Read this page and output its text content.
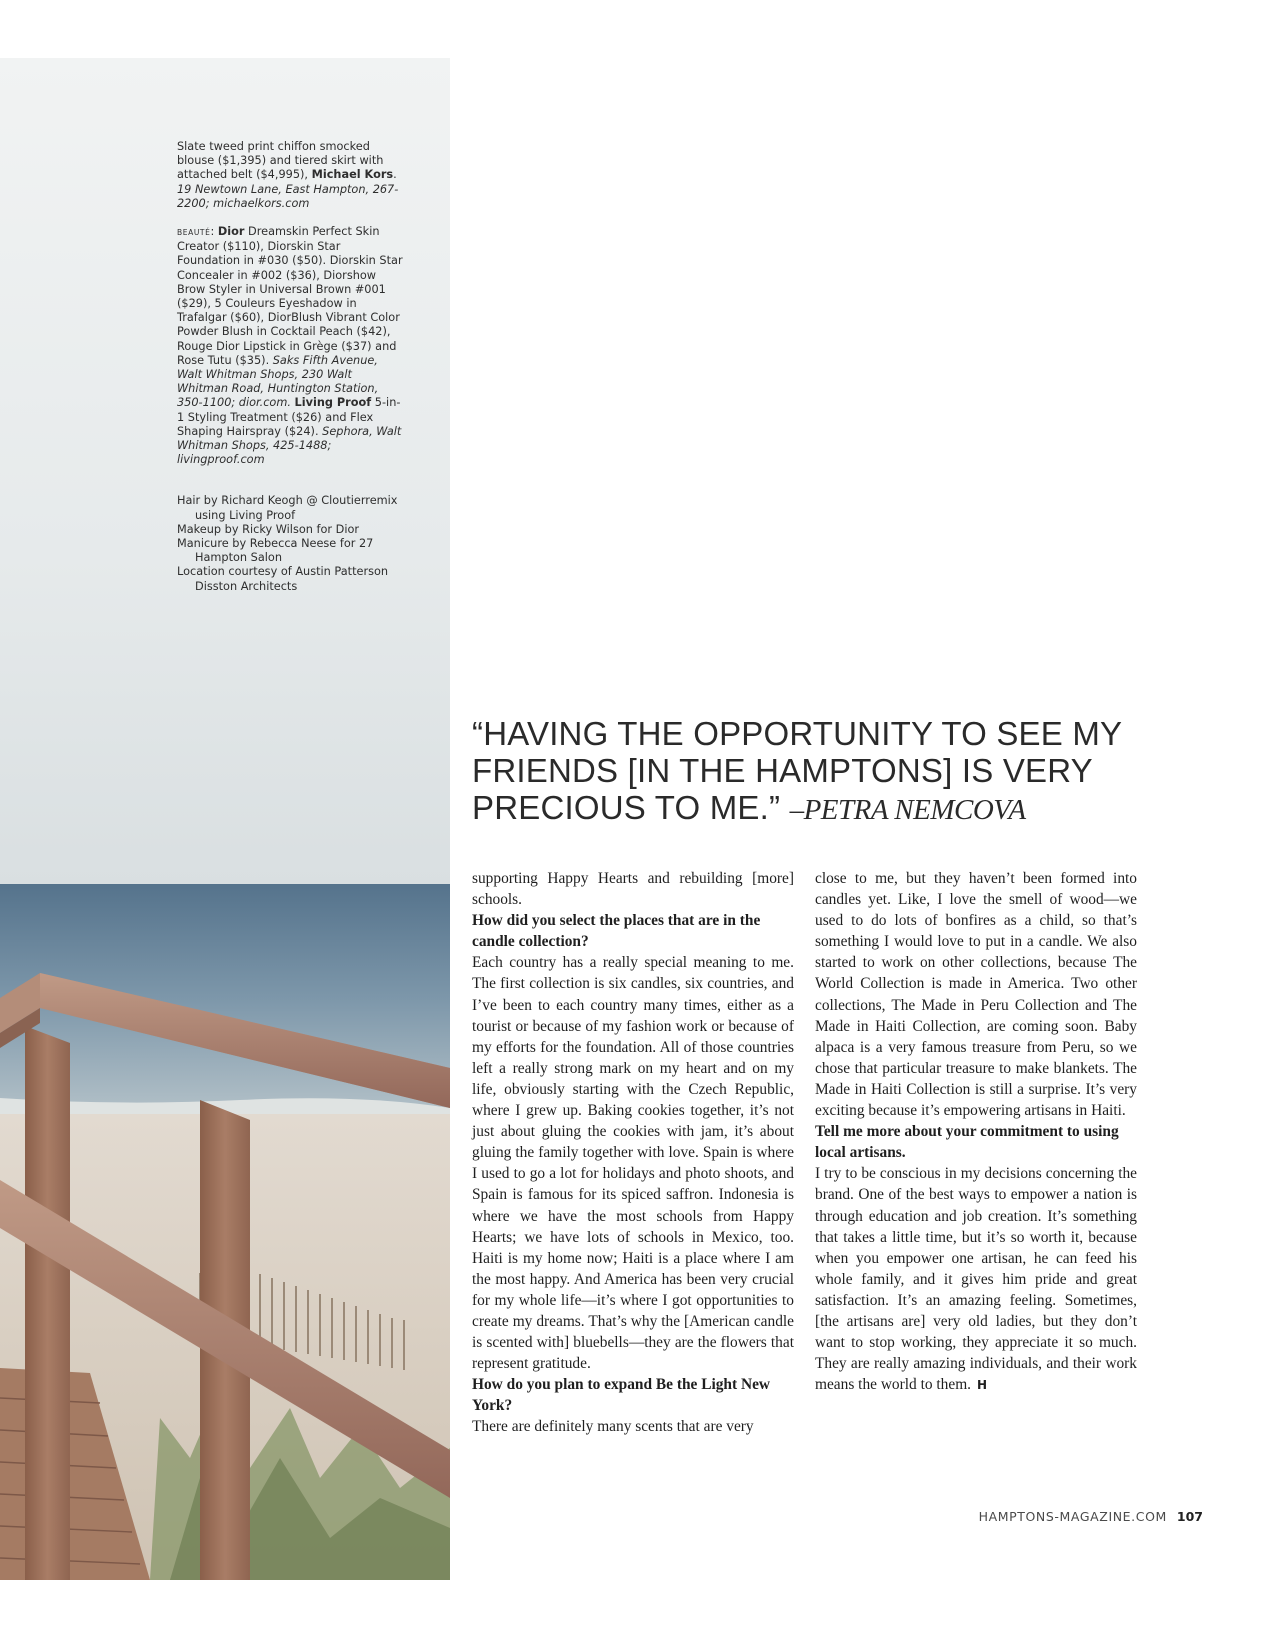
Slate tweed print chiffon smocked blouse ($1,395) and tiered skirt with attached belt ($4,995), Michael Kors. 19 Newtown Lane, East Hampton, 267-2200; michaelkors.com

BEAUTÉ: Dior Dreamskin Perfect Skin Creator ($110), Diorskin Star Foundation in #030 ($50). Diorskin Star Concealer in #002 ($36), Diorshow Brow Styler in Universal Brown #001 ($29), 5 Couleurs Eyeshadow in Trafalgar ($60), DiorBlush Vibrant Color Powder Blush in Cocktail Peach ($42), Rouge Dior Lipstick in Grège ($37) and Rose Tutu ($35). Saks Fifth Avenue, Walt Whitman Shops, 230 Walt Whitman Road, Huntington Station, 350-1100; dior.com. Living Proof 5-in-1 Styling Treatment ($26) and Flex Shaping Hairspray ($24). Sephora, Walt Whitman Shops, 425-1488; livingproof.com

Hair by Richard Keogh @ Cloutierremix using Living Proof

Makeup by Ricky Wilson for Dior

Manicure by Rebecca Neese for 27 Hampton Salon

Location courtesy of Austin Patterson Disston Architects

“HAVING THE OPPORTUNITY TO SEE MY FRIENDS [IN THE HAMPTONS] IS VERY PRECIOUS TO ME.” –PETRA NEMCOVA

supporting Happy Hearts and rebuilding [more] schools.

How did you select the places that are in the candle collection?

Each country has a really special meaning to me. The first collection is six candles, six countries, and I’ve been to each country many times, either as a tourist or because of my fashion work or because of my efforts for the foundation. All of those countries left a really strong mark on my heart and on my life, obviously starting with the Czech Republic, where I grew up. Baking cookies together, it’s not just about gluing the cookies with jam, it’s about gluing the family together with love. Spain is where I used to go a lot for holidays and photo shoots, and Spain is famous for its spiced saffron. Indonesia is where we have the most schools from Happy Hearts; we have lots of schools in Mexico, too. Haiti is my home now; Haiti is a place where I am the most happy. And America has been very crucial for my whole life—it’s where I got opportunities to create my dreams. That’s why the [American candle is scented with] bluebells—they are the flowers that represent gratitude.

How do you plan to expand Be the Light New York?

There are definitely many scents that are very

close to me, but they haven’t been formed into candles yet. Like, I love the smell of wood—we used to do lots of bonfires as a child, so that’s something I would love to put in a candle. We also started to work on other collections, because The World Collection is made in America. Two other collections, The Made in Peru Collection and The Made in Haiti Collection, are coming soon. Baby alpaca is a very famous treasure from Peru, so we chose that particular treasure to make blankets. The Made in Haiti Collection is still a surprise. It’s very exciting because it’s empowering artisans in Haiti.

Tell me more about your commitment to using local artisans.

I try to be conscious in my decisions concerning the brand. One of the best ways to empower a nation is through education and job creation. It’s something that takes a little time, but it’s so worth it, because when you empower one artisan, he can feed his whole family, and it gives him pride and great satisfaction. It’s an amazing feeling. Sometimes, [the artisans are] very old ladies, but they don’t want to stop working, they appreciate it so much. They are really amazing individuals, and their work means the world to them. H

HAMPTONS-MAGAZINE.COM 107
